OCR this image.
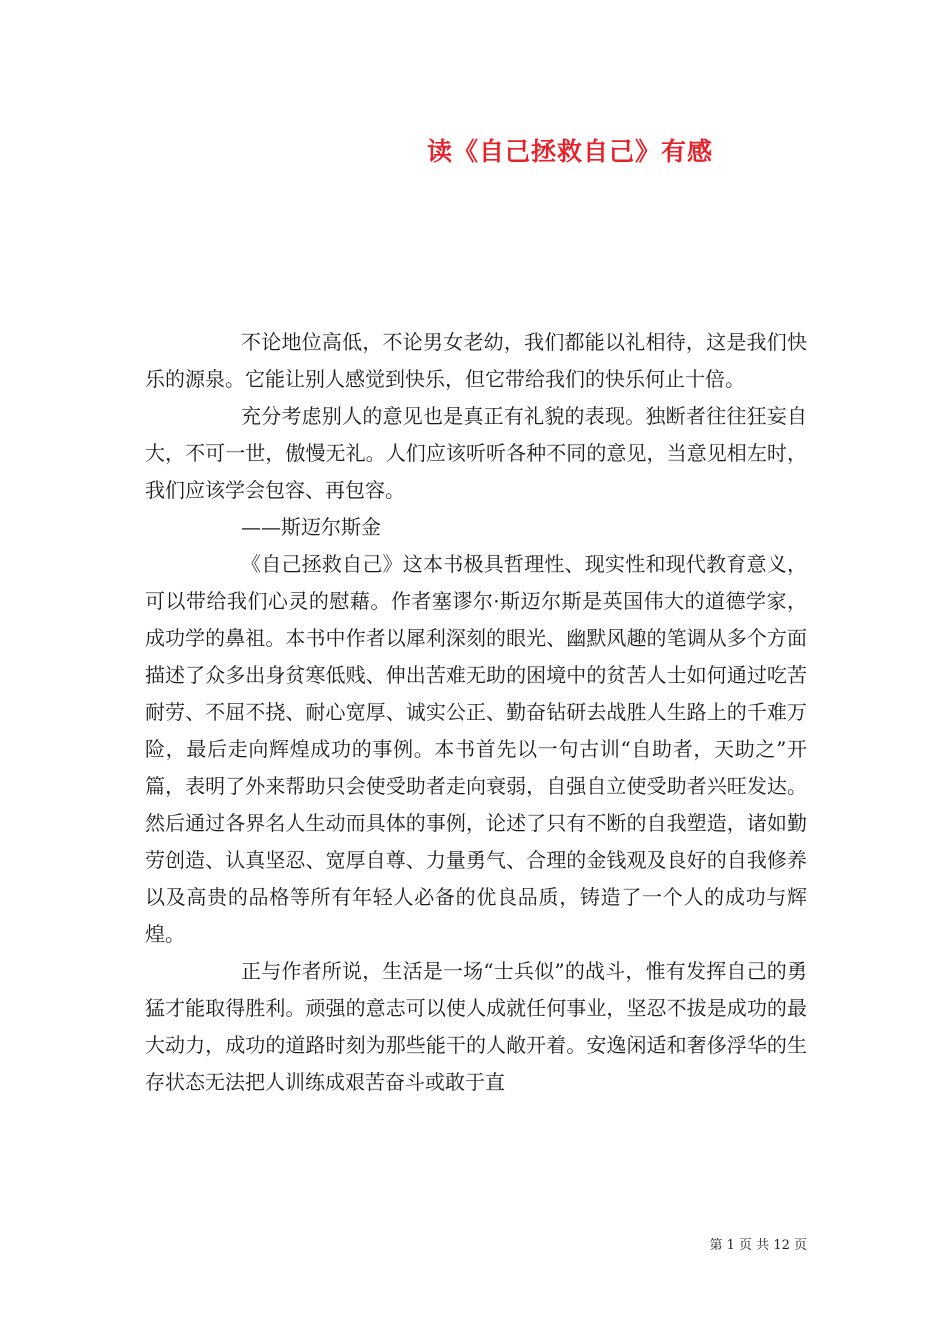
读《自己拯救自己》有感

不论地位高低，不论男女老幼，我们都能以礼相待，这是我们快乐的源泉。它能让别人感觉到快乐，但它带给我们的快乐何止十倍。

充分考虑别人的意见也是真正有礼貌的表现。独断者往往狂妄自大，不可一世，傲慢无礼。人们应该听听各种不同的意见，当意见相左时，我们应该学会包容、再包容。

——斯迈尔斯金

《自己拯救自己》这本书极具哲理性、现实性和现代教育意义，可以带给我们心灵的慰藉。作者塞谬尔·斯迈尔斯是英国伟大的道德学家，成功学的鼻祖。本书中作者以犀利深刻的眼光、幽默风趣的笔调从多个方面描述了众多出身贫寒低贱、伸出苦难无助的困境中的贫苦人士如何通过吃苦耐劳、不屈不挠、耐心宽厚、诚实公正、勤奋钻研去战胜人生路上的千难万险，最后走向辉煌成功的事例。本书首先以一句古训“自助者，天助之”开篇，表明了外来帮助只会使受助者走向衰弱，自强自立使受助者兴旺发达。然后通过各界名人生动而具体的事例，论述了只有不断的自我塑造，诸如勤劳创造、认真坚忍、宽厚自尊、力量勇气、合理的金钱观及良好的自我修养以及高贵的品格等所有年轻人必备的优良品质，铸造了一个人的成功与辉煌。

正与作者所说，生活是一场“士兵似”的战斗，惟有发挥自己的勇猛才能取得胜利。顽强的意志可以使人成就任何事业，坚忍不拔是成功的最大动力，成功的道路时刻为那些能干的人敞开着。安逸闲适和奢侈浮华的生存状态无法把人训练成艰苦奋斗或敢于直

第 1 页 共 12 页
